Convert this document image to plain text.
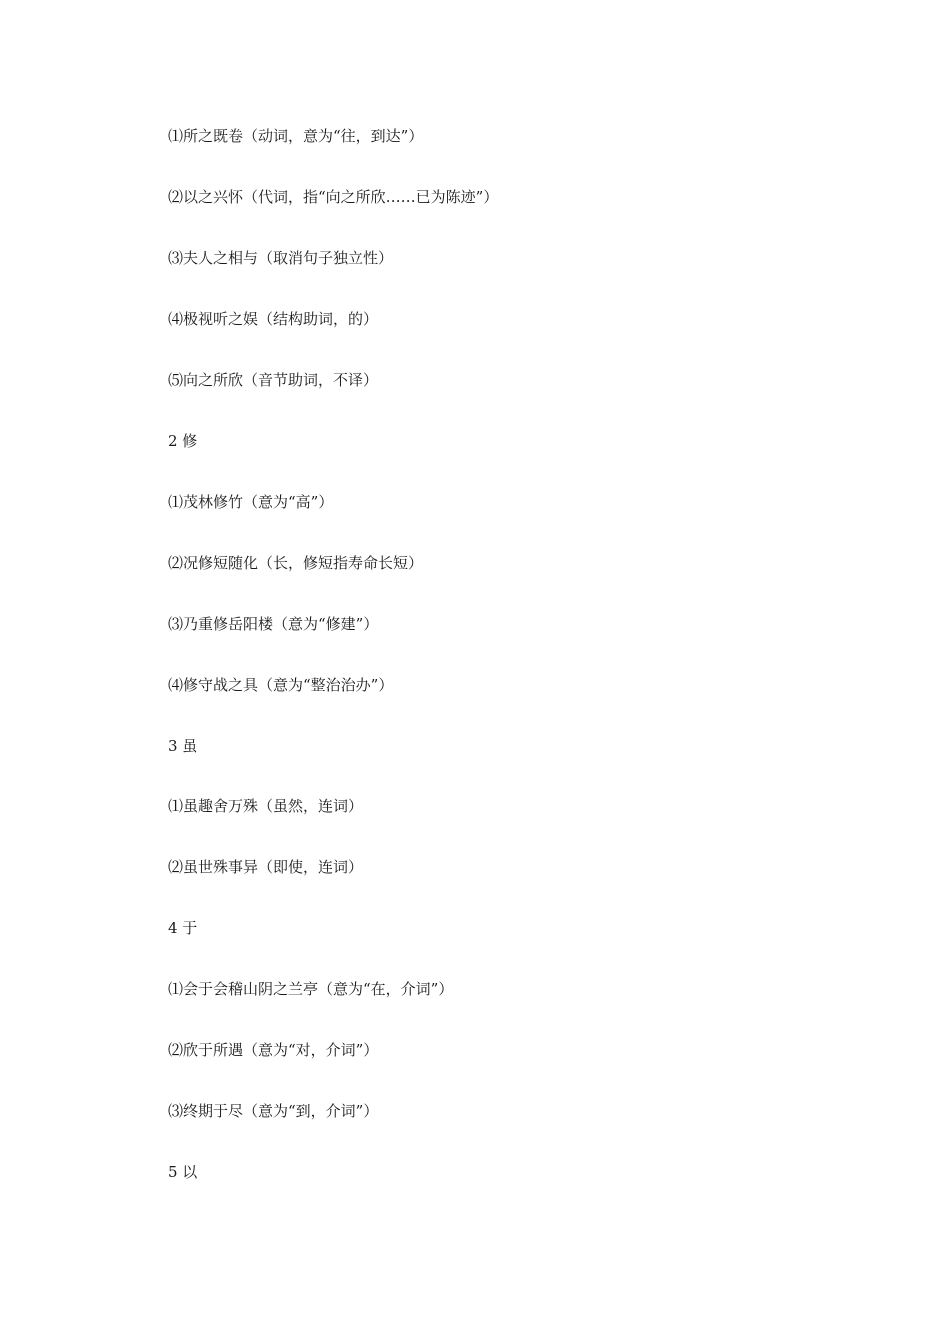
⑴所之既卷（动词，意为“往，到达”）
⑵以之兴怀（代词，指“向之所欣……已为陈迹”）
⑶夫人之相与（取消句子独立性）
⑷极视听之娱（结构助词，的）
⑸向之所欣（音节助词，不译）
2 修
⑴茂林修竹（意为“高”）
⑵况修短随化（长，修短指寿命长短）
⑶乃重修岳阳楼（意为“修建”）
⑷修守战之具（意为“整治治办”）
3 虽
⑴虽趣舍万殊（虽然，连词）
⑵虽世殊事异（即使，连词）
4 于
⑴会于会稽山阴之兰亭（意为“在，介词”）
⑵欣于所遇（意为“对，介词”）
⑶终期于尽（意为“到，介词”）
5 以
